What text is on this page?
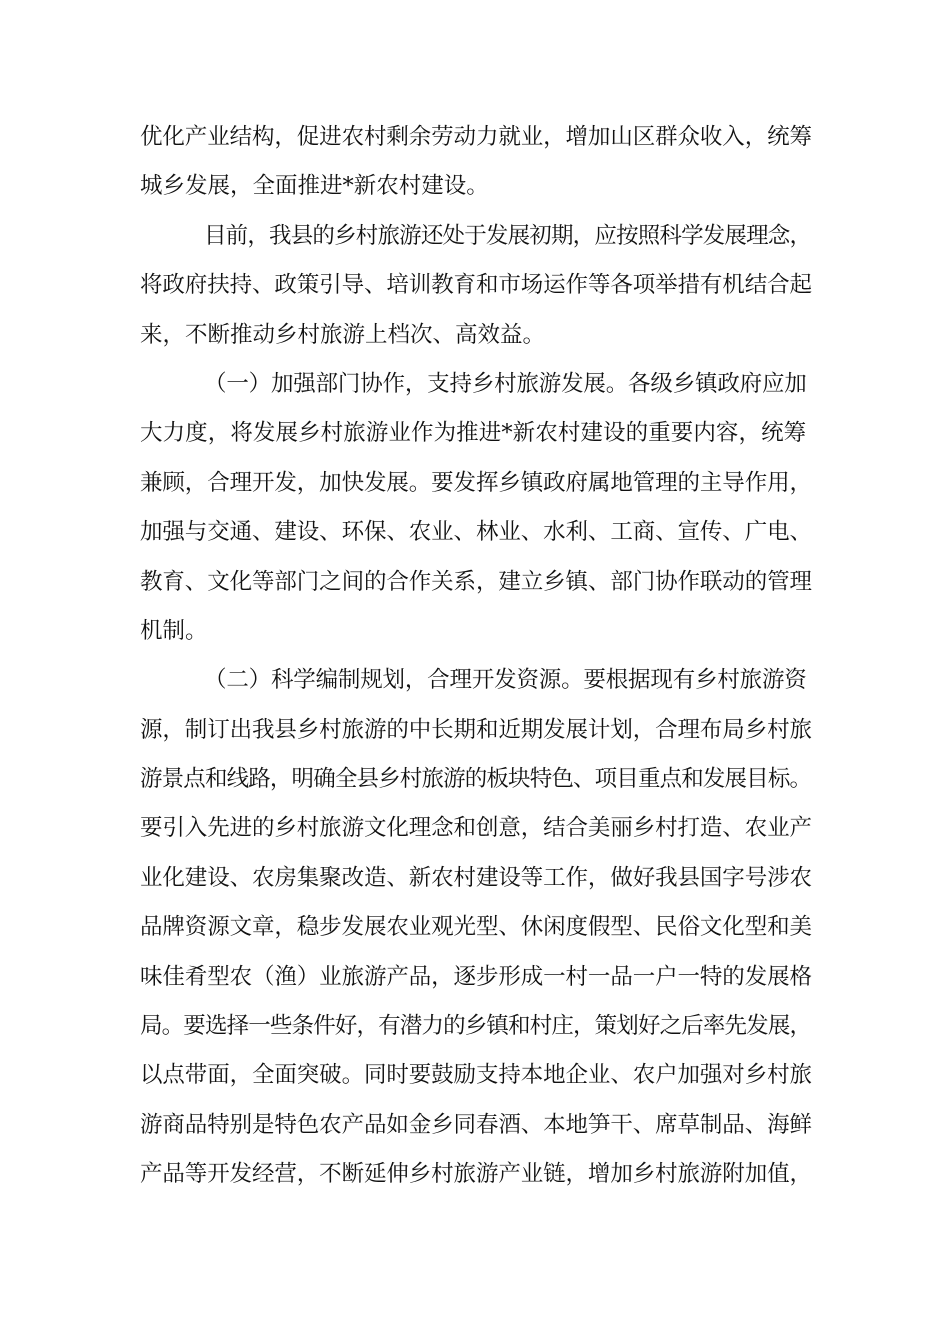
优化产业结构，促进农村剩余劳动力就业，增加山区群众收入，统筹
城乡发展，全面推进*新农村建设。
目前，我县的乡村旅游还处于发展初期，应按照科学发展理念，
将政府扶持、政策引导、培训教育和市场运作等各项举措有机结合起
来，不断推动乡村旅游上档次、高效益。
（一）加强部门协作，支持乡村旅游发展。各级乡镇政府应加
大力度，将发展乡村旅游业作为推进*新农村建设的重要内容，统筹
兼顾，合理开发，加快发展。要发挥乡镇政府属地管理的主导作用，
加强与交通、建设、环保、农业、林业、水利、工商、宣传、广电、
教育、文化等部门之间的合作关系，建立乡镇、部门协作联动的管理
机制。
（二）科学编制规划，合理开发资源。要根据现有乡村旅游资
源，制订出我县乡村旅游的中长期和近期发展计划，合理布局乡村旅
游景点和线路，明确全县乡村旅游的板块特色、项目重点和发展目标。
要引入先进的乡村旅游文化理念和创意，结合美丽乡村打造、农业产
业化建设、农房集聚改造、新农村建设等工作，做好我县国字号涉农
品牌资源文章，稳步发展农业观光型、休闲度假型、民俗文化型和美
味佳肴型农（渔）业旅游产品，逐步形成一村一品一户一特的发展格
局。要选择一些条件好，有潜力的乡镇和村庄，策划好之后率先发展，
以点带面，全面突破。同时要鼓励支持本地企业、农户加强对乡村旅
游商品特别是特色农产品如金乡同春酒、本地笋干、席草制品、海鲜
产品等开发经营，不断延伸乡村旅游产业链，增加乡村旅游附加值，
